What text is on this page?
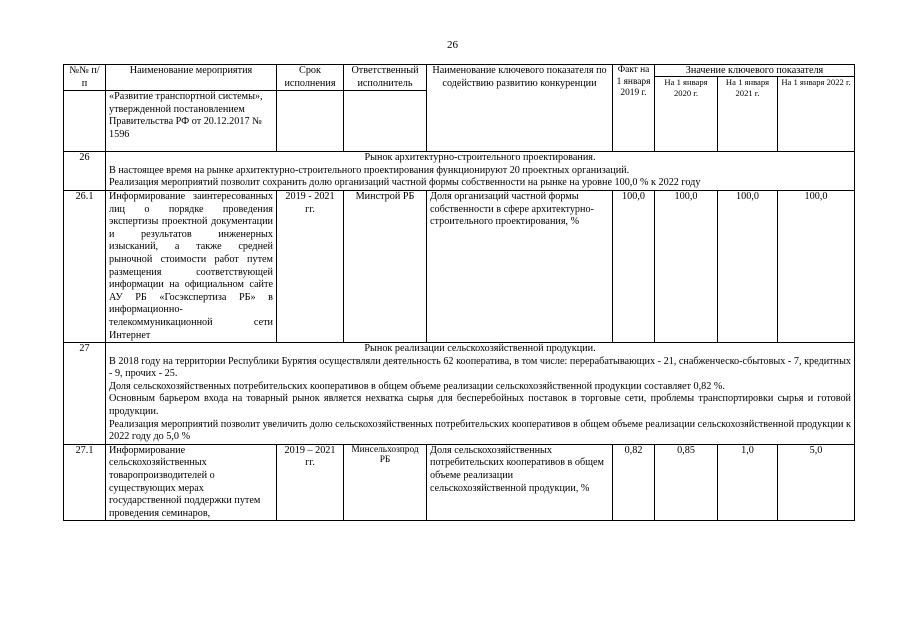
26
№№ п/п	Наименование мероприятия	Срок исполнения	Ответственный исполнитель	Наименование ключевого показателя по содействию развитию конкуренции	Факт на 1 января 2019 г.	Значение ключевого показателя		
						На 1 января 2020 г.	На 1 января 2021 г.	На 1 января 2022 г.
	«Развитие транспортной системы», утвержденной постановлением Правительства РФ от 20.12.2017 № 1596							
26	Рынок архитектурно-строительного проектирования.
В настоящее время на рынке архитектурно-строительного проектирования функционируют 20 проектных организаций.
Реализация мероприятий позволит сохранить долю организаций частной формы собственности на рынке на уровне 100,0 % к 2022 году							

26.1	Информирование заинтересованных лиц о порядке проведения экспертизы проектной документации и результатов инженерных изысканий, а также средней рыночной стоимости работ путем размещения соответствующей информации на официальном сайте АУ РБ «Госэкспертиза РБ» в информационно-телекоммуникационной сети Интернет	2019 - 2021 гг.	Минстрой РБ	Доля организаций частной формы собственности в сфере архитектурно-строительного проектирования, %	100,0	100,0	100,0	100,0
27	Рынок реализации сельскохозяйственной продукции.
В 2018 году на территории Республики Бурятия осуществляли деятельность 62 кооператива, в том числе: перерабатывающих - 21, снабженческо-сбытовых - 7, кредитных - 9, прочих - 25.
Доля сельскохозяйственных потребительских кооперативов в общем объеме реализации сельскохозяйственной продукции составляет 0,82 %.
Основным барьером входа на товарный рынок является нехватка сырья для бесперебойных поставок в торговые сети, проблемы транспортировки сырья и готовой продукции.
Реализация мероприятий позволит увеличить долю сельскохозяйственных потребительских кооперативов в общем объеме реализации сельскохозяйственной продукции к 2022 году до 5,0 %							

27.1	Информирование сельскохозяйственных товаропроизводителей о существующих мерах государственной поддержки путем проведения семинаров,	2019 – 2021 гг.	Минсельхозпрод РБ	Доля сельскохозяйственных потребительских кооперативов в общем объеме реализации сельскохозяйственной продукции, %	0,82	0,85	1,0	5,0
